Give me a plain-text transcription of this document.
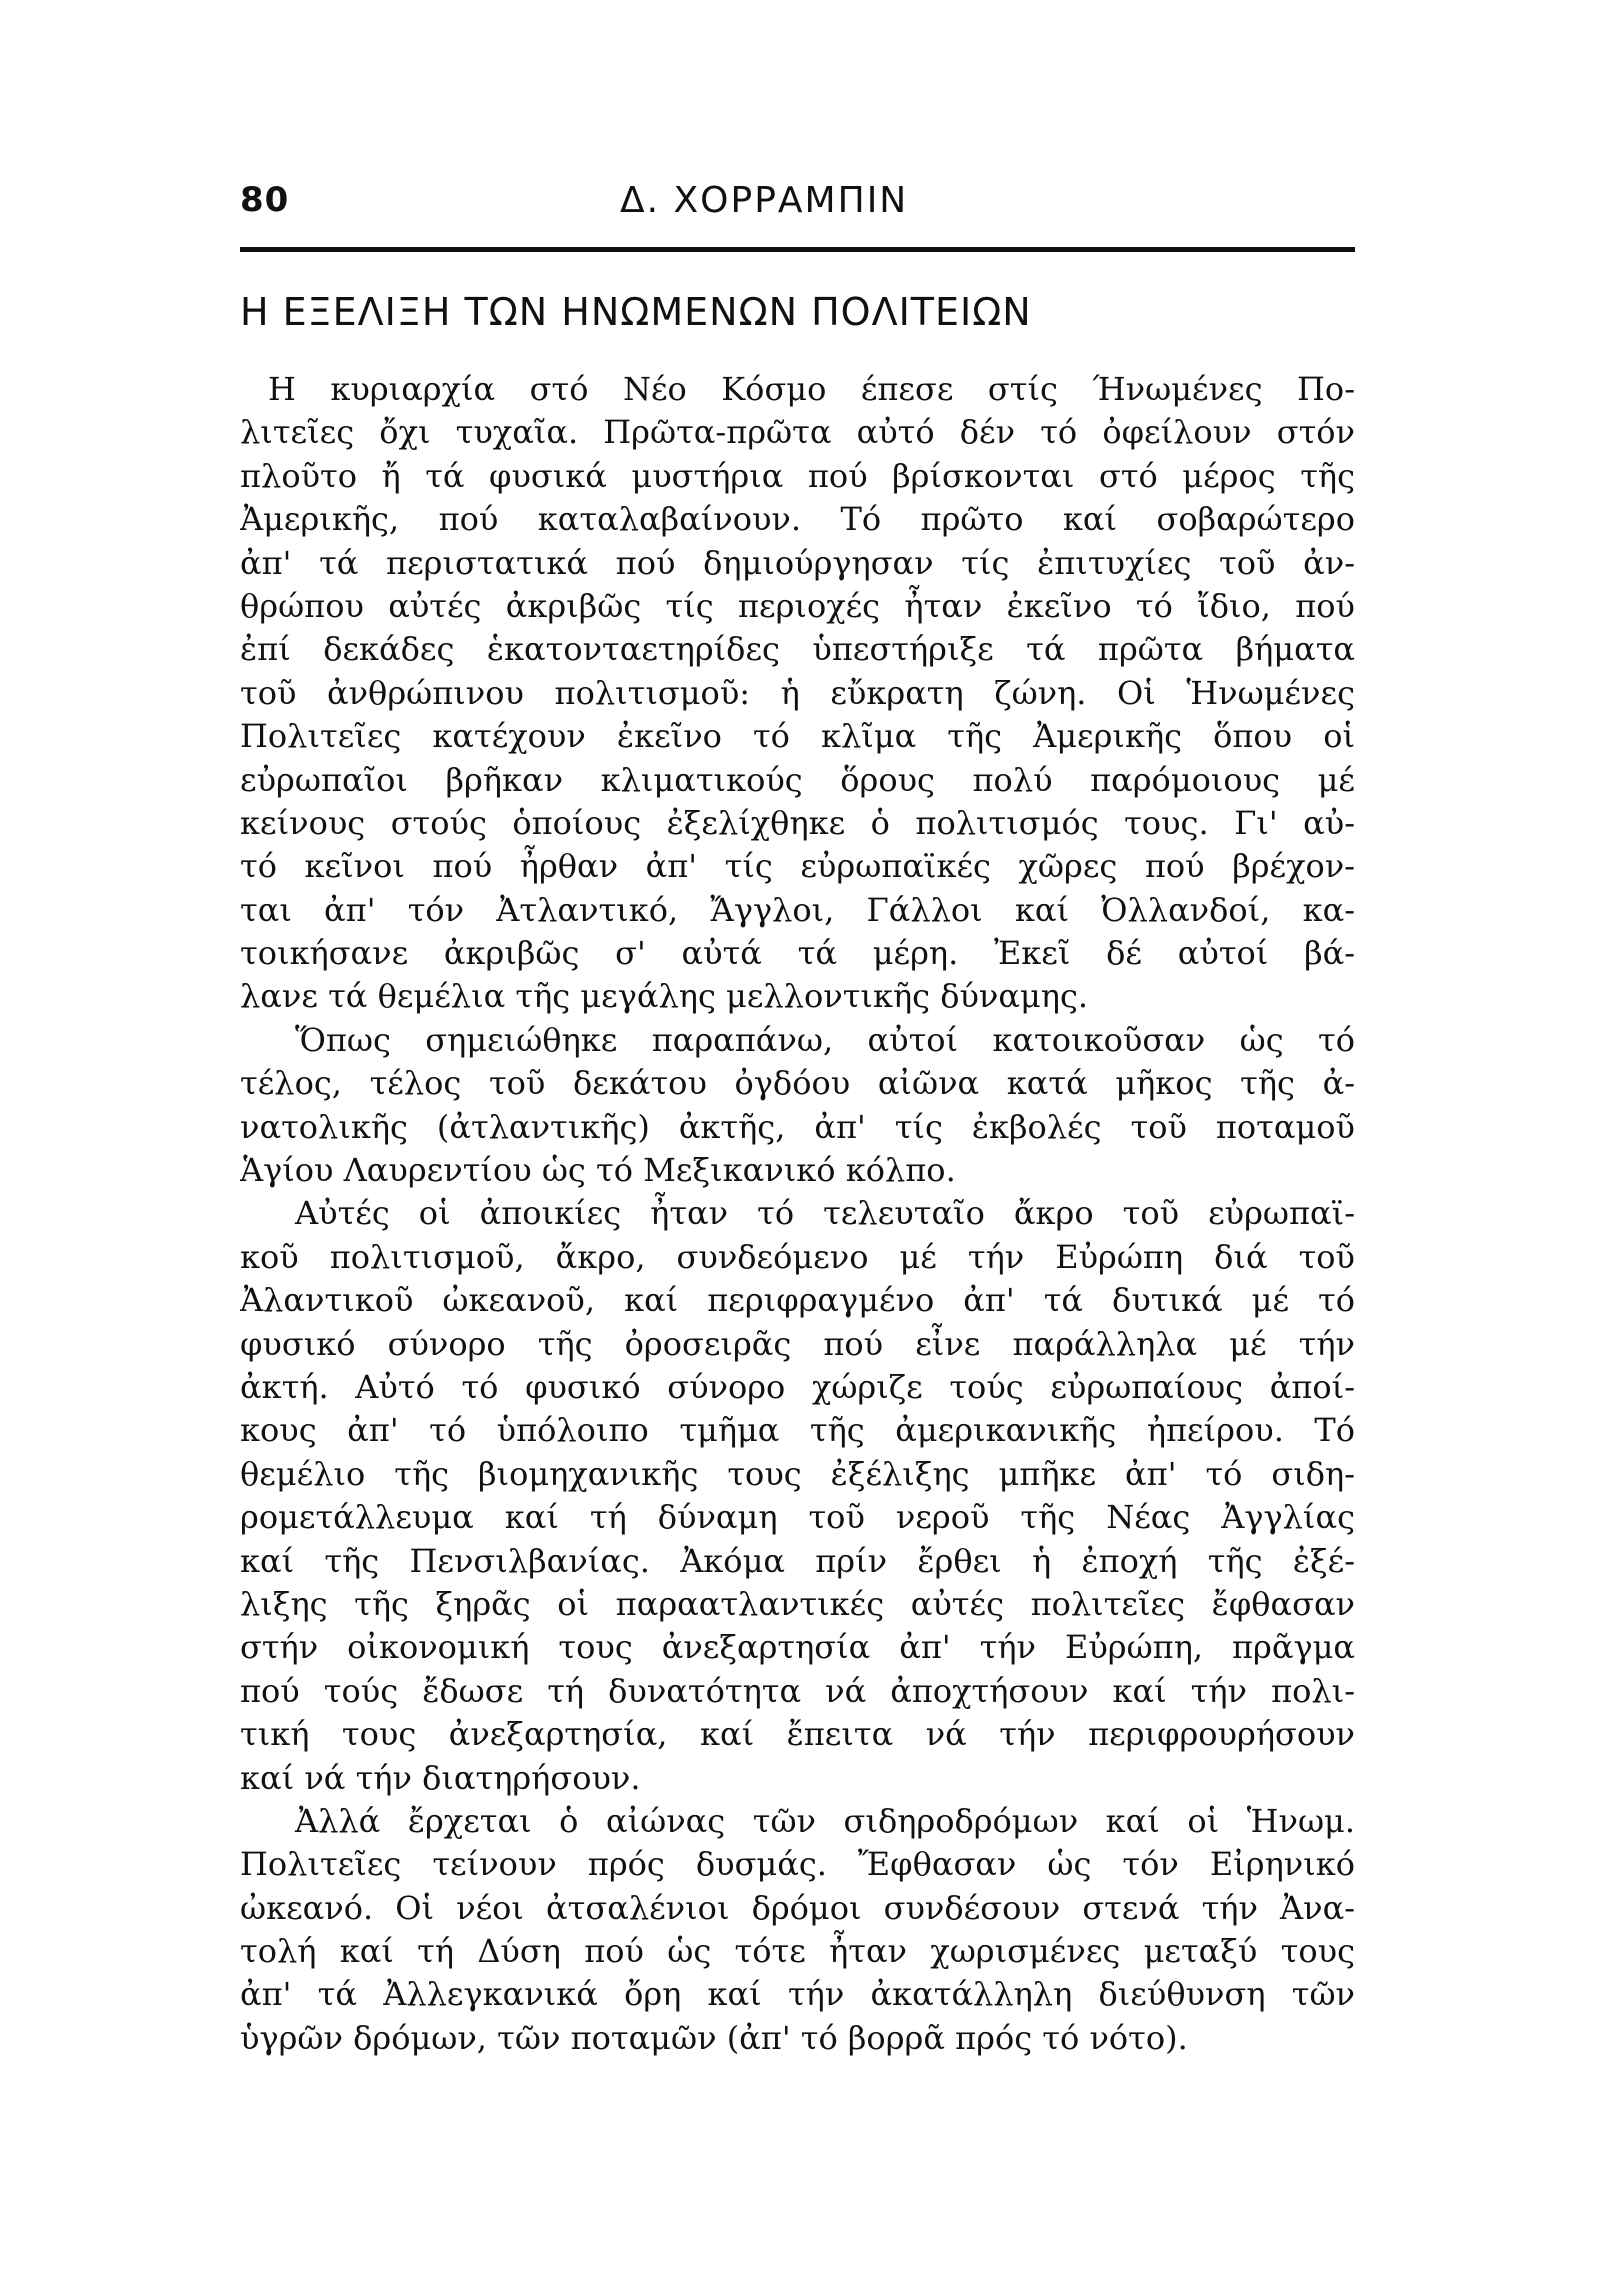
80	Δ. ΧΟΡΡΑΜΠΙΝ
Η ΕΞΕΛΙΞΗ ΤΩΝ ΗΝΩΜΕΝΩΝ ΠΟΛΙΤΕΙΩΝ
Η κυριαρχία στό Νέο Κόσμο έπεσε στίς Ήνωμένες Πο-
λιτεῖες ὄχι τυχαῖα. Πρῶτα-πρῶτα αὐτό δέν τό ὀφείλουν στόν
πλοῦτο ἤ τά φυσικά μυστήρια πού βρίσκονται στό μέρος τῆς
Ἀμερικῆς, πού καταλαβαίνουν. Τό πρῶτο καί σοβαρώτερο
ἀπ' τά περιστατικά πού δημιούργησαν τίς ἐπιτυχίες τοῦ ἀν-
θρώπου αὐτές ἀκριβῶς τίς περιοχές ἦταν ἐκεῖνο τό ἴδιο, πού
ἐπί δεκάδες ἑκατονταετηρίδες ὑπεστήριξε τά πρῶτα βήματα
τοῦ ἀνθρώπινου πολιτισμοῦ: ἡ εὔκρατη ζώνη. Οἱ Ἡνωμένες
Πολιτεῖες κατέχουν ἐκεῖνο τό κλῖμα τῆς Ἀμερικῆς ὅπου οἱ
εὐρωπαῖοι βρῆκαν κλιματικούς ὅρους πολύ παρόμοιους μέ
κείνους στούς ὁποίους ἐξελίχθηκε ὁ πολιτισμός τους. Γι' αὐ-
τό κεῖνοι πού ἦρθαν ἀπ' τίς εὐρωπαϊκές χῶρες πού βρέχον-
ται ἀπ' τόν Ἀτλαντικό, Ἄγγλοι, Γάλλοι καί Ὀλλανδοί, κα-
τοικήσανε ἀκριβῶς σ' αὐτά τά μέρη. Ἐκεῖ δέ αὐτοί βά-
λανε τά θεμέλια τῆς μεγάλης μελλοντικῆς δύναμης.
Ὅπως σημειώθηκε παραπάνω, αὐτοί κατοικοῦσαν ὡς τό
τέλος, τέλος τοῦ δεκάτου ὀγδόου αἰῶνα κατά μῆκος τῆς ἀ-
νατολικῆς (ἀτλαντικῆς) ἀκτῆς, ἀπ' τίς ἐκβολές τοῦ ποταμοῦ
Ἁγίου Λαυρεντίου ὡς τό Μεξικανικό κόλπο.
Αὐτές οἱ ἀποικίες ἦταν τό τελευταῖο ἄκρο τοῦ εὐρωπαϊ-
κοῦ πολιτισμοῦ, ἄκρο, συνδεόμενο μέ τήν Εὐρώπη διά τοῦ
Ἀλαντικοῦ ὠκεανοῦ, καί περιφραγμένο ἀπ' τά δυτικά μέ τό
φυσικό σύνορο τῆς ὀροσειρᾶς πού εἶνε παράλληλα μέ τήν
ἀκτή. Αὐτό τό φυσικό σύνορο χώριζε τούς εὐρωπαίους ἀποί-
κους ἀπ' τό ὑπόλοιπο τμῆμα τῆς ἀμερικανικῆς ἠπείρου. Τό
θεμέλιο τῆς βιομηχανικῆς τους ἐξέλιξης μπῆκε ἀπ' τό σιδη-
ρομετάλλευμα καί τή δύναμη τοῦ νεροῦ τῆς Νέας Ἀγγλίας
καί τῆς Πενσιλβανίας. Ἀκόμα πρίν ἔρθει ἡ ἐποχή τῆς ἐξέ-
λιξης τῆς ξηρᾶς οἱ παραατλαντικές αὐτές πολιτεῖες ἔφθασαν
στήν οἰκονομική τους ἀνεξαρτησία ἀπ' τήν Εὐρώπη, πρᾶγμα
πού τούς ἔδωσε τή δυνατότητα νά ἀποχτήσουν καί τήν πολι-
τική τους ἀνεξαρτησία, καί ἔπειτα νά τήν περιφρουρήσουν
καί νά τήν διατηρήσουν.
Ἀλλά ἔρχεται ὁ αἰώνας τῶν σιδηροδρόμων καί οἱ Ἡνωμ.
Πολιτεῖες τείνουν πρός δυσμάς. Ἔφθασαν ὡς τόν Εἰρηνικό
ὠκεανό. Οἱ νέοι ἀτσαλένιοι δρόμοι συνδέσουν στενά τήν Ἀνα-
τολή καί τή Δύση πού ὡς τότε ἦταν χωρισμένες μεταξύ τους
ἀπ' τά Ἀλλεγκανικά ὄρη καί τήν ἀκατάλληλη διεύθυνση τῶν
ὑγρῶν δρόμων, τῶν ποταμῶν (ἀπ' τό βορρᾶ πρός τό νότο).
